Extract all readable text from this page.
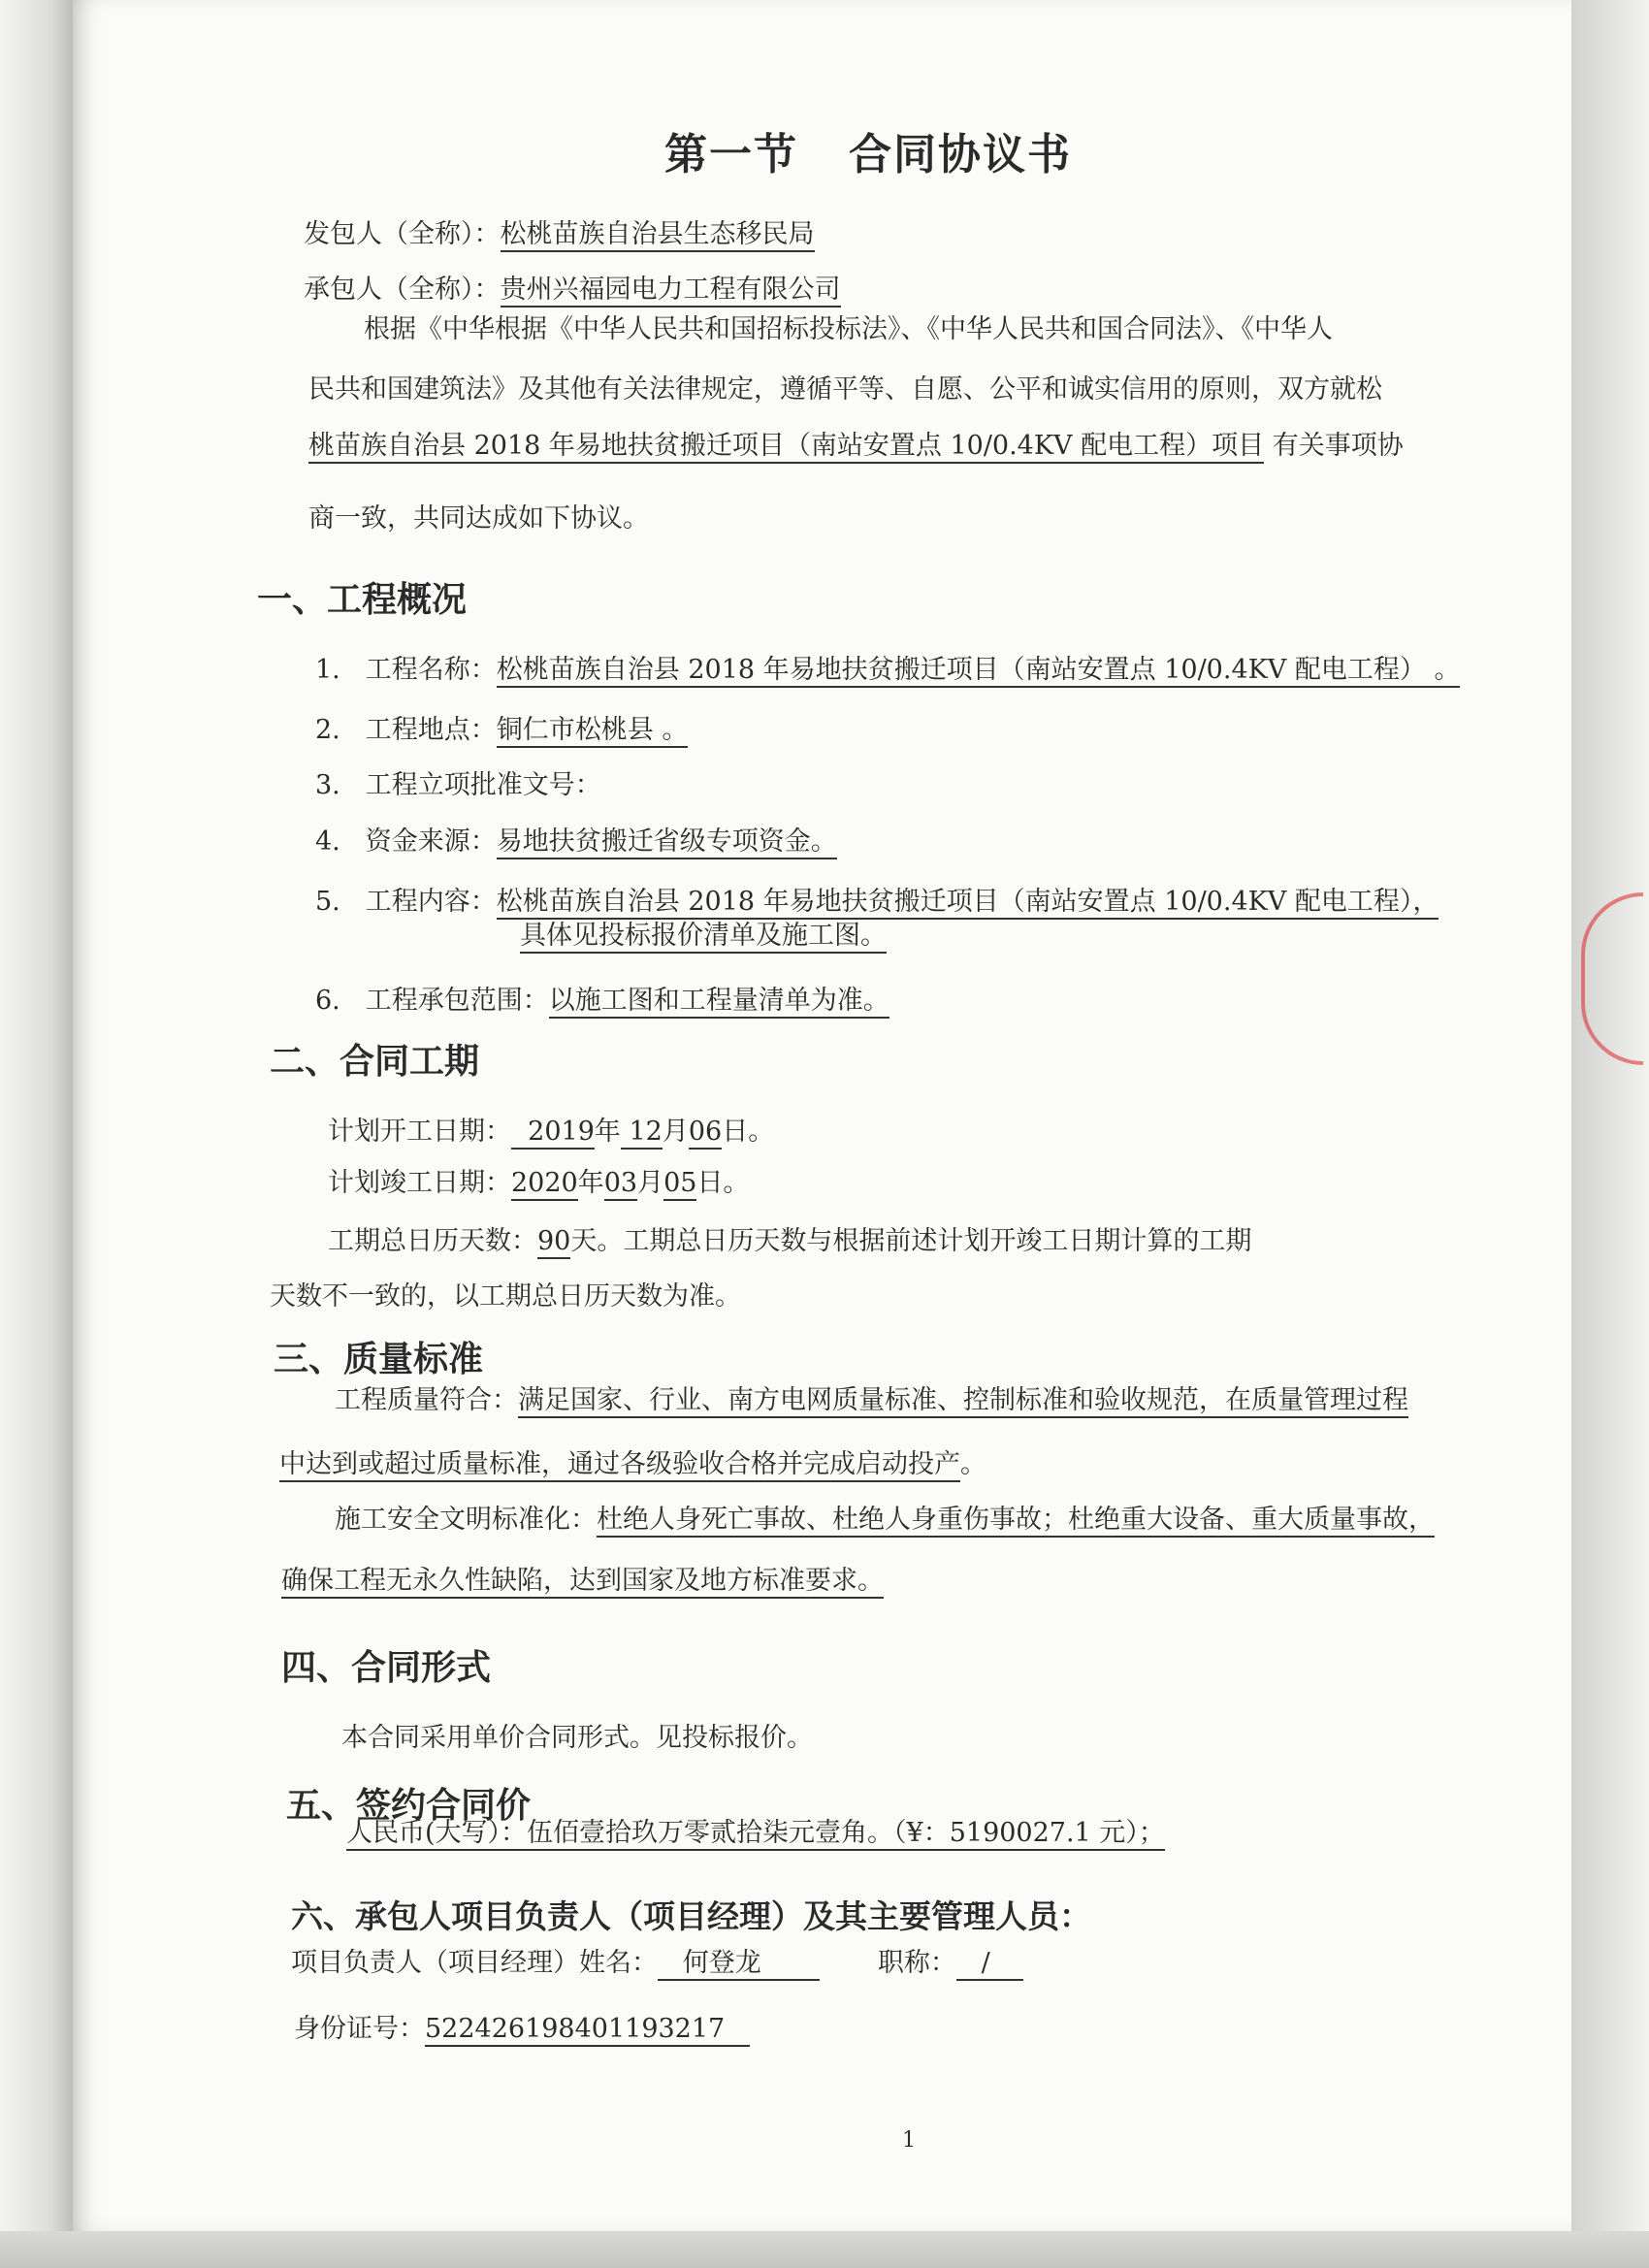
第一节 合同协议书
发包人（全称）：松桃苗族自治县生态移民局
承包人（全称）：贵州兴福园电力工程有限公司
根据《中华根据《中华人民共和国招标投标法》、《中华人民共和国合同法》、《中华人
民共和国建筑法》及其他有关法律规定，遵循平等、自愿、公平和诚实信用的原则，双方就松
桃苗族自治县 2018 年易地扶贫搬迁项目（南站安置点 10/0.4KV 配电工程）项目 有关事项协
商一致，共同达成如下协议。
一、工程概况
1. 工程名称：松桃苗族自治县 2018 年易地扶贫搬迁项目（南站安置点 10/0.4KV 配电工程） 。
2. 工程地点：铜仁市松桃县 。
3. 工程立项批准文号：
4. 资金来源：易地扶贫搬迁省级专项资金。
5. 工程内容：松桃苗族自治县 2018 年易地扶贫搬迁项目（南站安置点 10/0.4KV 配电工程），
具体见投标报价清单及施工图。
6. 工程承包范围：以施工图和工程量清单为准。
二、合同工期
计划开工日期： 2019年 12月06日。
计划竣工日期：2020年03月05日。
工期总日历天数：90天。工期总日历天数与根据前述计划开竣工日期计算的工期
天数不一致的，以工期总日历天数为准。
三、质量标准
工程质量符合：满足国家、行业、南方电网质量标准、控制标准和验收规范，在质量管理过程
中达到或超过质量标准，通过各级验收合格并完成启动投产。
施工安全文明标准化：杜绝人身死亡事故、杜绝人身重伤事故；杜绝重大设备、重大质量事故，
确保工程无永久性缺陷，达到国家及地方标准要求。
四、合同形式
本合同采用单价合同形式。见投标报价。
五、签约合同价
人民币(大写）：伍佰壹拾玖万零贰拾柒元壹角。（¥：5190027.1 元）；
六、承包人项目负责人（项目经理）及其主要管理人员：
项目负责人（项目经理）姓名： 何登龙	职称： /
身份证号：522426198401193217
1
